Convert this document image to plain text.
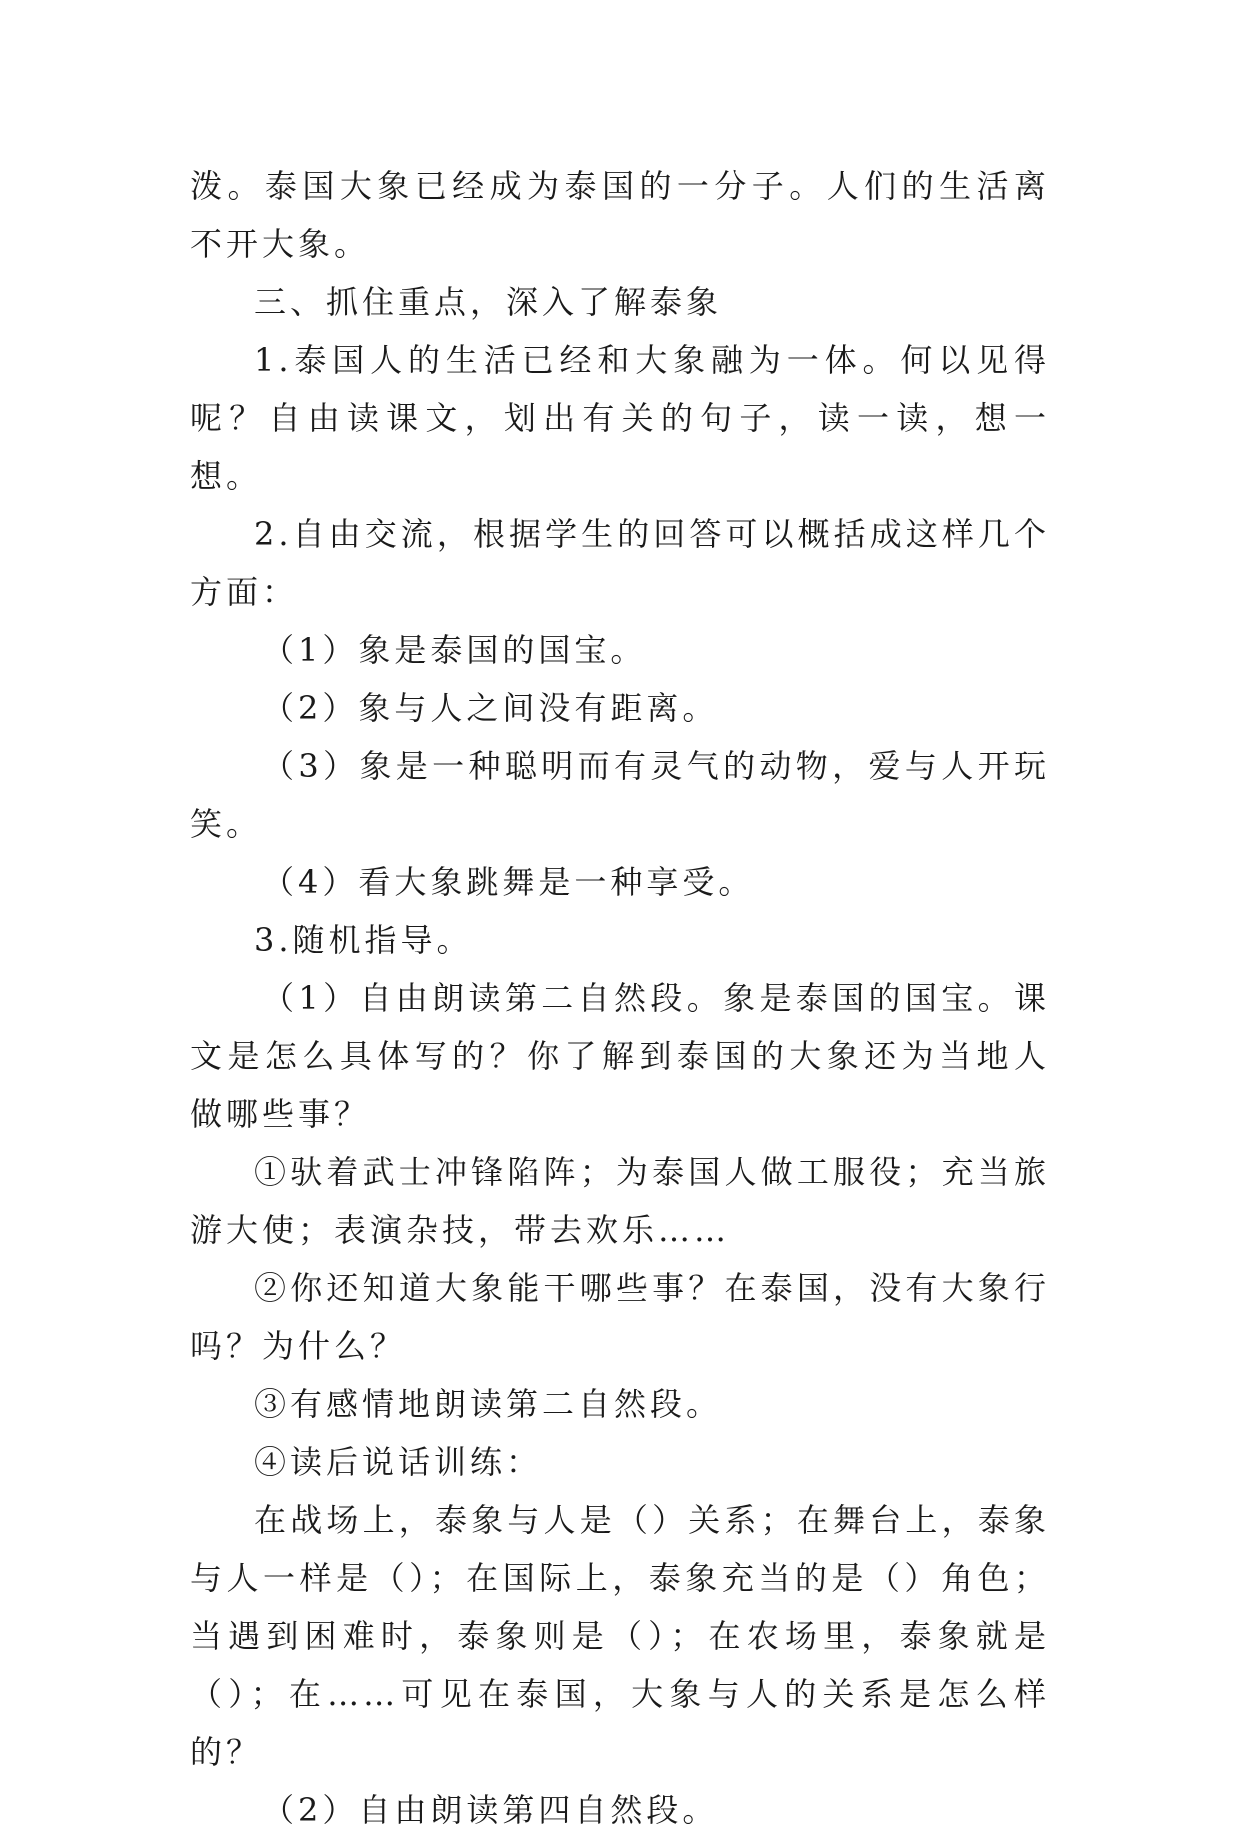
泼。泰国大象已经成为泰国的一分子。人们的生活离不开大象。

三、抓住重点，深入了解泰象

1.泰国人的生活已经和大象融为一体。何以见得呢？自由读课文，划出有关的句子，读一读，想一想。

2.自由交流，根据学生的回答可以概括成这样几个方面：

（1）象是泰国的国宝。

（2）象与人之间没有距离。

（3）象是一种聪明而有灵气的动物，爱与人开玩笑。

（4）看大象跳舞是一种享受。

3.随机指导。

（1）自由朗读第二自然段。象是泰国的国宝。课文是怎么具体写的？你了解到泰国的大象还为当地人做哪些事？

①驮着武士冲锋陷阵；为泰国人做工服役；充当旅游大使；表演杂技，带去欢乐……

②你还知道大象能干哪些事？在泰国，没有大象行吗？为什么？

③有感情地朗读第二自然段。

④读后说话训练：

在战场上，泰象与人是（）关系；在舞台上，泰象与人一样是（）；在国际上，泰象充当的是（）角色；当遇到困难时，泰象则是（）；在农场里，泰象就是（）；在……可见在泰国，大象与人的关系是怎么样的？

（2）自由朗读第四自然段。
